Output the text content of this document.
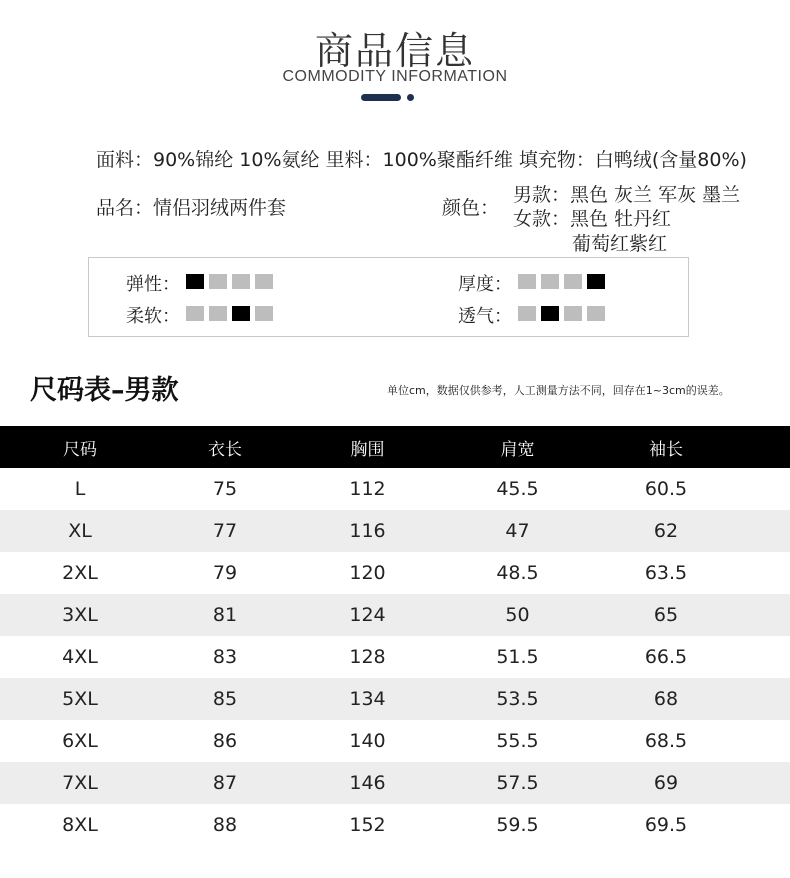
商品信息
COMMODITY INFORMATION
面料：90%锦纶 10%氨纶 里料：100%聚酯纤维 填充物：白鸭绒(含量80%)
品名：情侣羽绒两件套	颜色：
男款：黑色 灰兰 军灰 墨兰
女款：黑色 牡丹红
葡萄红紫红
弹性：
柔软：
厚度：
透气：
尺码表–男款	单位cm，数据仅供参考，人工测量方法不同，回存在1~3cm的误差。
尺码	衣长	胸围	肩宽	袖长	
L	75	112	45.5	60.5	
XL	77	116	47	62	
2XL	79	120	48.5	63.5	
3XL	81	124	50	65	
4XL	83	128	51.5	66.5	
5XL	85	134	53.5	68	
6XL	86	140	55.5	68.5	
7XL	87	146	57.5	69	
8XL	88	152	59.5	69.5	
